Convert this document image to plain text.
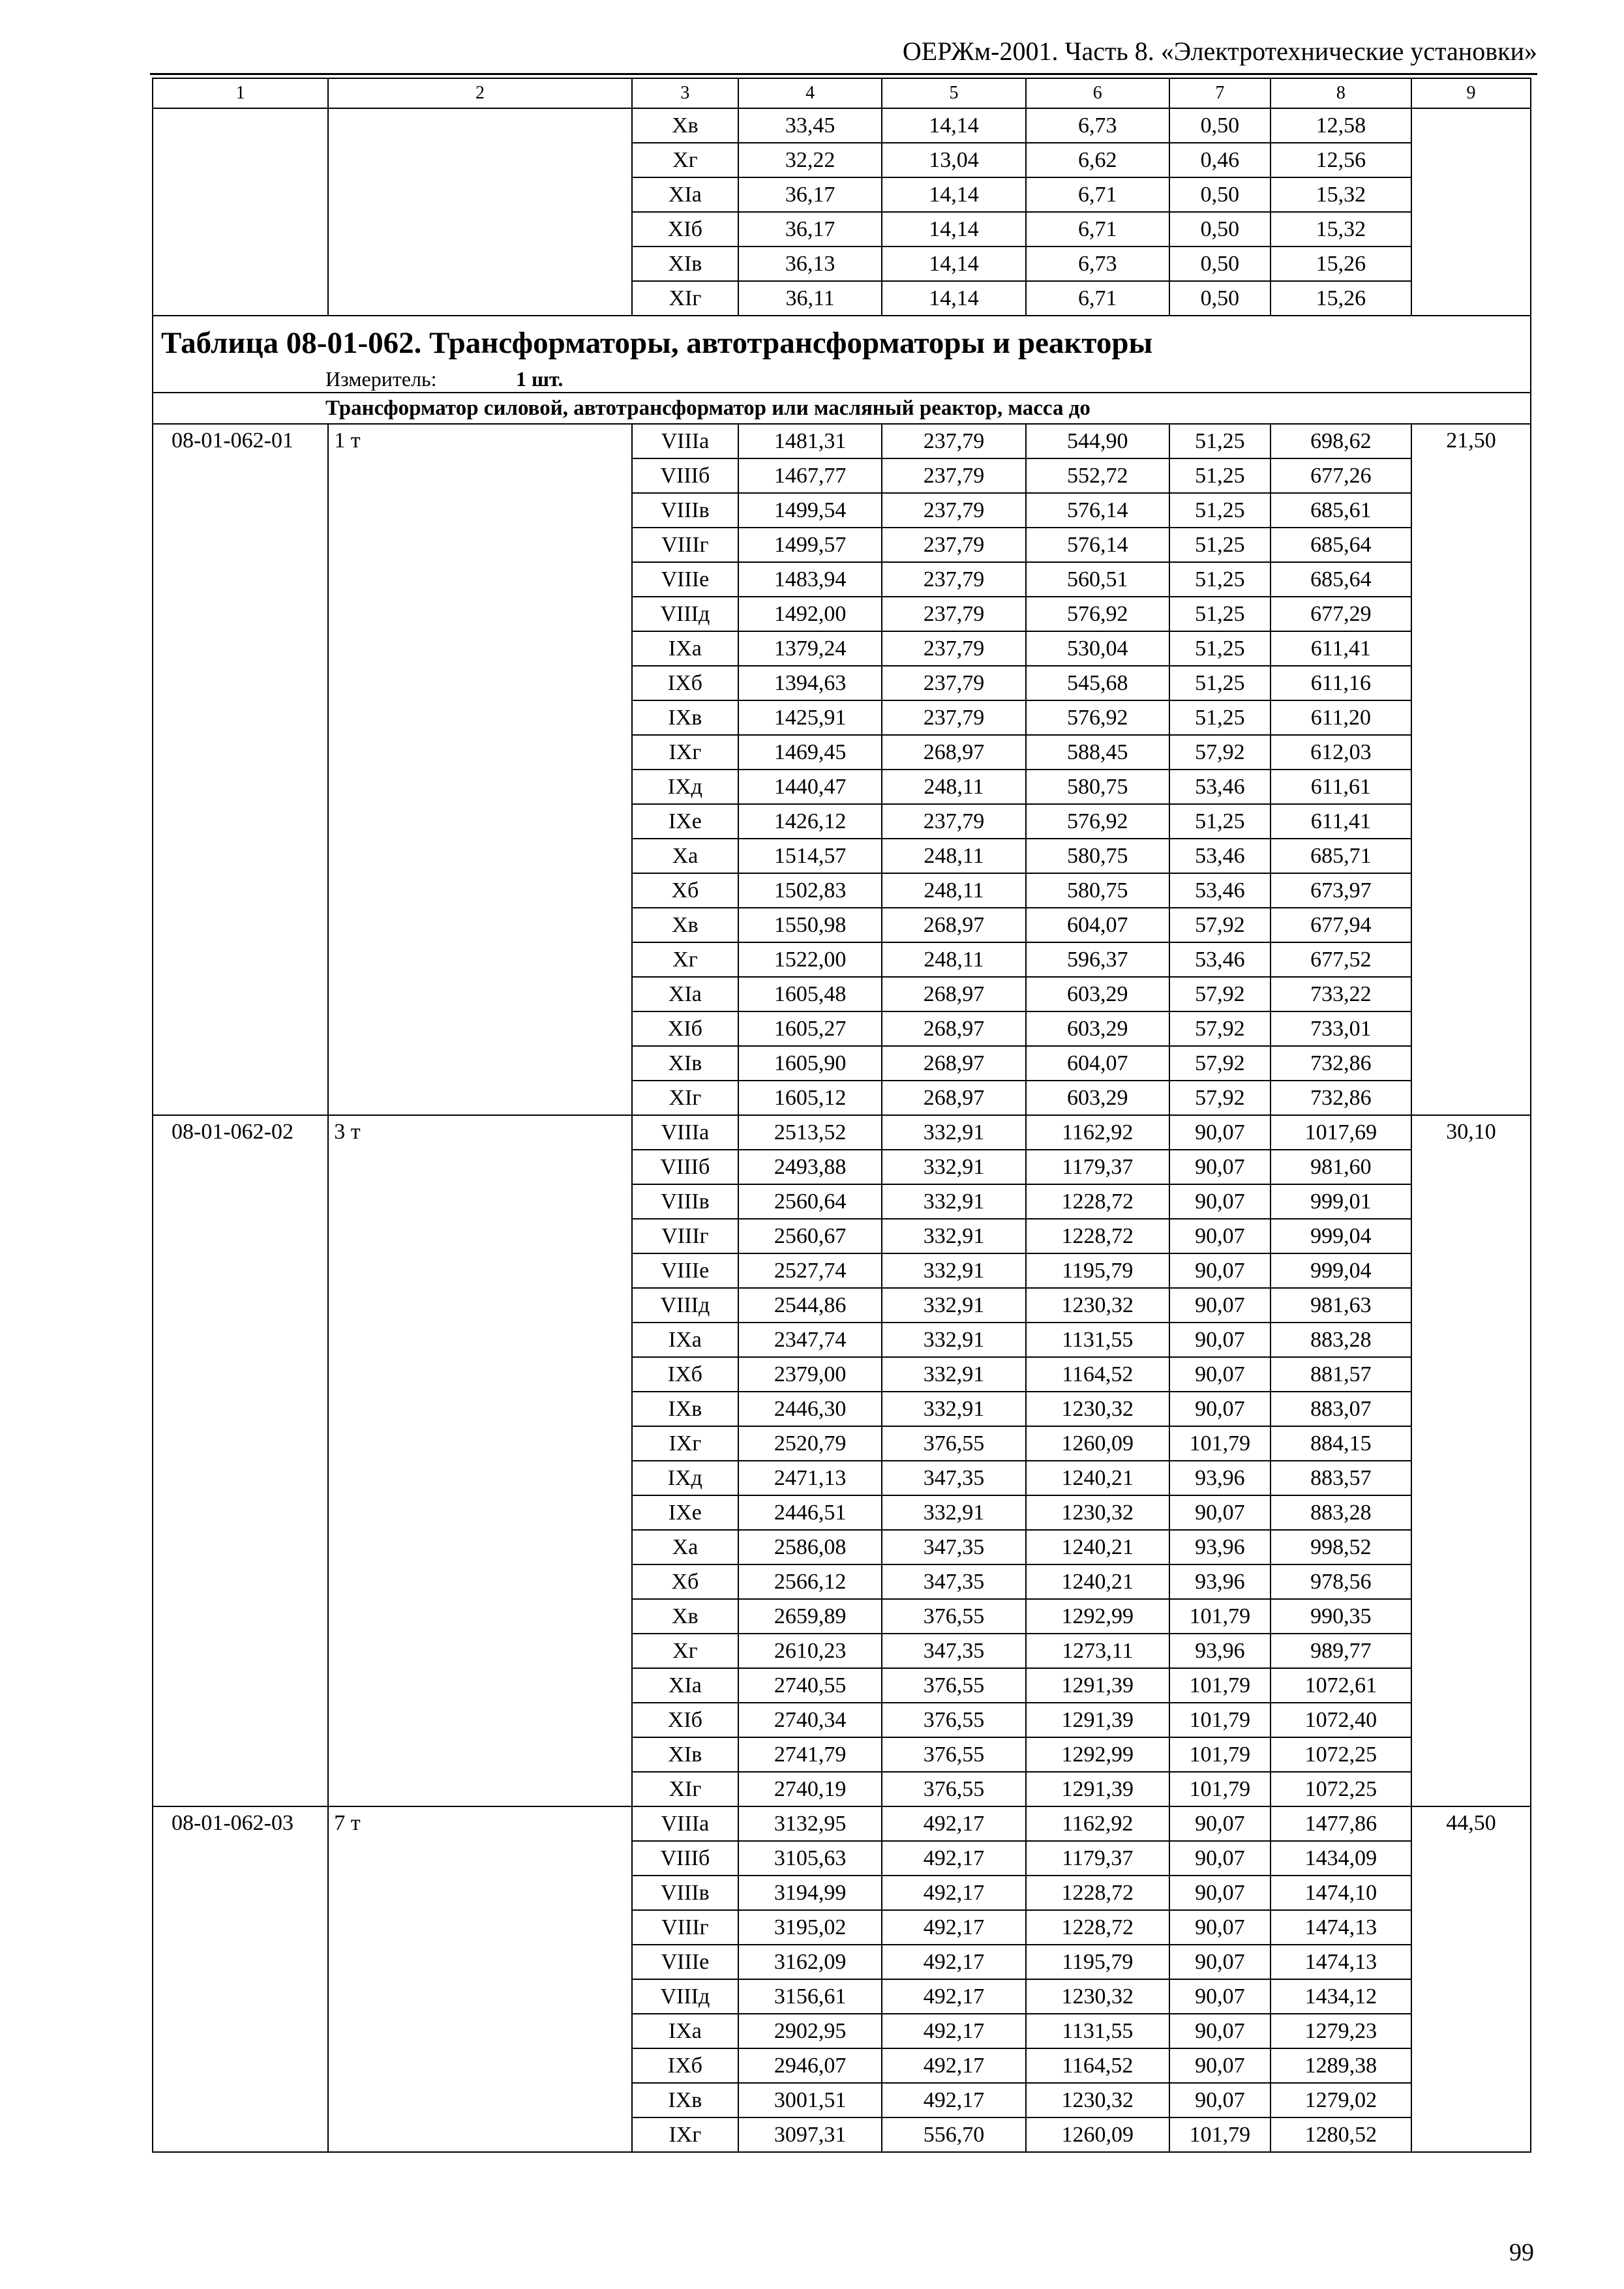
ОЕРЖм-2001. Часть 8. «Электротехнические установки»
1	2	3	4	5	6	7	8	9
		Xв	33,45	14,14	6,73	0,50	12,58	
		Xг	32,22	13,04	6,62	0,46	12,56	
		XIа	36,17	14,14	6,71	0,50	15,32	
		XIб	36,17	14,14	6,71	0,50	15,32	
		XIв	36,13	14,14	6,73	0,50	15,26	
		XIг	36,11	14,14	6,71	0,50	15,26	

Таблица 08-01-062. Трансформаторы, автотрансформаторы и реакторы
Измеритель: 1 шт.								

Трансформатор силовой, автотрансформатор или масляный реактор, масса до								
08-01-062-01	1 т	VIIIа	1481,31	237,79	544,90	51,25	698,62	21,50
		VIIIб	1467,77	237,79	552,72	51,25	677,26	
		VIIIв	1499,54	237,79	576,14	51,25	685,61	
		VIIIг	1499,57	237,79	576,14	51,25	685,64	
		VIIIе	1483,94	237,79	560,51	51,25	685,64	
		VIIIд	1492,00	237,79	576,92	51,25	677,29	
		IXа	1379,24	237,79	530,04	51,25	611,41	
		IXб	1394,63	237,79	545,68	51,25	611,16	
		IXв	1425,91	237,79	576,92	51,25	611,20	
		IXг	1469,45	268,97	588,45	57,92	612,03	
		IXд	1440,47	248,11	580,75	53,46	611,61	
		IXе	1426,12	237,79	576,92	51,25	611,41	
		Xа	1514,57	248,11	580,75	53,46	685,71	
		Xб	1502,83	248,11	580,75	53,46	673,97	
		Xв	1550,98	268,97	604,07	57,92	677,94	
		Xг	1522,00	248,11	596,37	53,46	677,52	
		XIа	1605,48	268,97	603,29	57,92	733,22	
		XIб	1605,27	268,97	603,29	57,92	733,01	
		XIв	1605,90	268,97	604,07	57,92	732,86	
		XIг	1605,12	268,97	603,29	57,92	732,86	
08-01-062-02	3 т	VIIIа	2513,52	332,91	1162,92	90,07	1017,69	30,10
		VIIIб	2493,88	332,91	1179,37	90,07	981,60	
		VIIIв	2560,64	332,91	1228,72	90,07	999,01	
		VIIIг	2560,67	332,91	1228,72	90,07	999,04	
		VIIIе	2527,74	332,91	1195,79	90,07	999,04	
		VIIIд	2544,86	332,91	1230,32	90,07	981,63	
		IXа	2347,74	332,91	1131,55	90,07	883,28	
		IXб	2379,00	332,91	1164,52	90,07	881,57	
		IXв	2446,30	332,91	1230,32	90,07	883,07	
		IXг	2520,79	376,55	1260,09	101,79	884,15	
		IXд	2471,13	347,35	1240,21	93,96	883,57	
		IXе	2446,51	332,91	1230,32	90,07	883,28	
		Xа	2586,08	347,35	1240,21	93,96	998,52	
		Xб	2566,12	347,35	1240,21	93,96	978,56	
		Xв	2659,89	376,55	1292,99	101,79	990,35	
		Xг	2610,23	347,35	1273,11	93,96	989,77	
		XIа	2740,55	376,55	1291,39	101,79	1072,61	
		XIб	2740,34	376,55	1291,39	101,79	1072,40	
		XIв	2741,79	376,55	1292,99	101,79	1072,25	
		XIг	2740,19	376,55	1291,39	101,79	1072,25	
08-01-062-03	7 т	VIIIа	3132,95	492,17	1162,92	90,07	1477,86	44,50
		VIIIб	3105,63	492,17	1179,37	90,07	1434,09	
		VIIIв	3194,99	492,17	1228,72	90,07	1474,10	
		VIIIг	3195,02	492,17	1228,72	90,07	1474,13	
		VIIIе	3162,09	492,17	1195,79	90,07	1474,13	
		VIIIд	3156,61	492,17	1230,32	90,07	1434,12	
		IXа	2902,95	492,17	1131,55	90,07	1279,23	
		IXб	2946,07	492,17	1164,52	90,07	1289,38	
		IXв	3001,51	492,17	1230,32	90,07	1279,02	
		IXг	3097,31	556,70	1260,09	101,79	1280,52	
99
